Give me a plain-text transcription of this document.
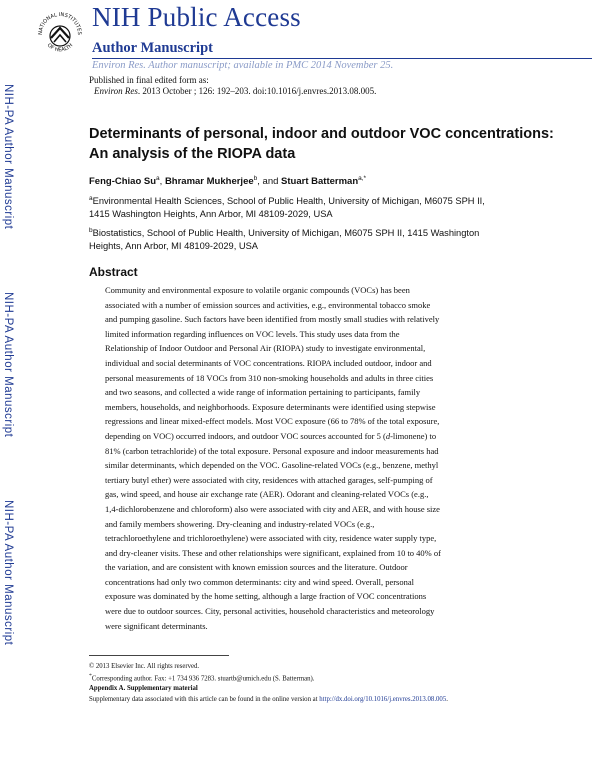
NATIONAL INSTITUTES
OF HEALTH
NIH Public Access
Author Manuscript
Environ Res. Author manuscript; available in PMC 2014 November 25.
Published in final edited form as:
Environ Res. 2013 October ; 126: 192–203. doi:10.1016/j.envres.2013.08.005.
NIH-PA Author Manuscript
NIH-PA Author Manuscript
NIH-PA Author Manuscript
Determinants of personal, indoor and outdoor VOC concentrations: An analysis of the RIOPA data
Feng-Chiao Su$^a$, Bhramar Mukherjee$^b$, and Stuart Batterman$^{a,*}$
$^a$Environmental Health Sciences, School of Public Health, University of Michigan, M6075 SPH II,
1415 Washington Heights, Ann Arbor, MI 48109-2029, USA
$^b$Biostatistics, School of Public Health, University of Michigan, M6075 SPH II, 1415 Washington
Heights, Ann Arbor, MI 48109-2029, USA
Abstract
Community and environmental exposure to volatile organic compounds (VOCs) has been
associated with a number of emission sources and activities, e.g., environmental tobacco smoke
and pumping gasoline. Such factors have been identified from mostly small studies with relatively
limited information regarding influences on VOC levels. This study uses data from the
Relationship of Indoor Outdoor and Personal Air (RIOPA) study to investigate environmental,
individual and social determinants of VOC concentrations. RIOPA included outdoor, indoor and
personal measurements of 18 VOCs from 310 non-smoking households and adults in three cities
and two seasons, and collected a wide range of information pertaining to participants, family
members, households, and neighborhoods. Exposure determinants were identified using stepwise
regressions and linear mixed-effect models. Most VOC exposure (66 to 78% of the total exposure,
depending on VOC) occurred indoors, and outdoor VOC sources accounted for 5 (d-limonene) to
81% (carbon tetrachloride) of the total exposure. Personal exposure and indoor measurements had
similar determinants, which depended on the VOC. Gasoline-related VOCs (e.g., benzene, methyl
tertiary butyl ether) were associated with city, residences with attached garages, self-pumping of
gas, wind speed, and house air exchange rate (AER). Odorant and cleaning-related VOCs (e.g.,
1,4-dichlorobenzene and chloroform) also were associated with city and AER, and with house size
and family members showering. Dry-cleaning and industry-related VOCs (e.g.,
tetrachloroethylene and trichloroethylene) were associated with city, residence water supply type,
and dry-cleaner visits. These and other relationships were significant, explained from 10 to 40% of
the variation, and are consistent with known emission sources and the literature. Outdoor
concentrations had only two common determinants: city and wind speed. Overall, personal
exposure was dominated by the home setting, although a large fraction of VOC concentrations
were due to outdoor sources. City, personal activities, household characteristics and meteorology
were significant determinants.
© 2013 Elsevier Inc. All rights reserved.
*Corresponding author. Fax: +1 734 936 7283. stuartb@umich.edu (S. Batterman).
Appendix A. Supplementary material
Supplementary data associated with this article can be found in the online version at http://dx.doi.org/10.1016/j.envres.2013.08.005.
